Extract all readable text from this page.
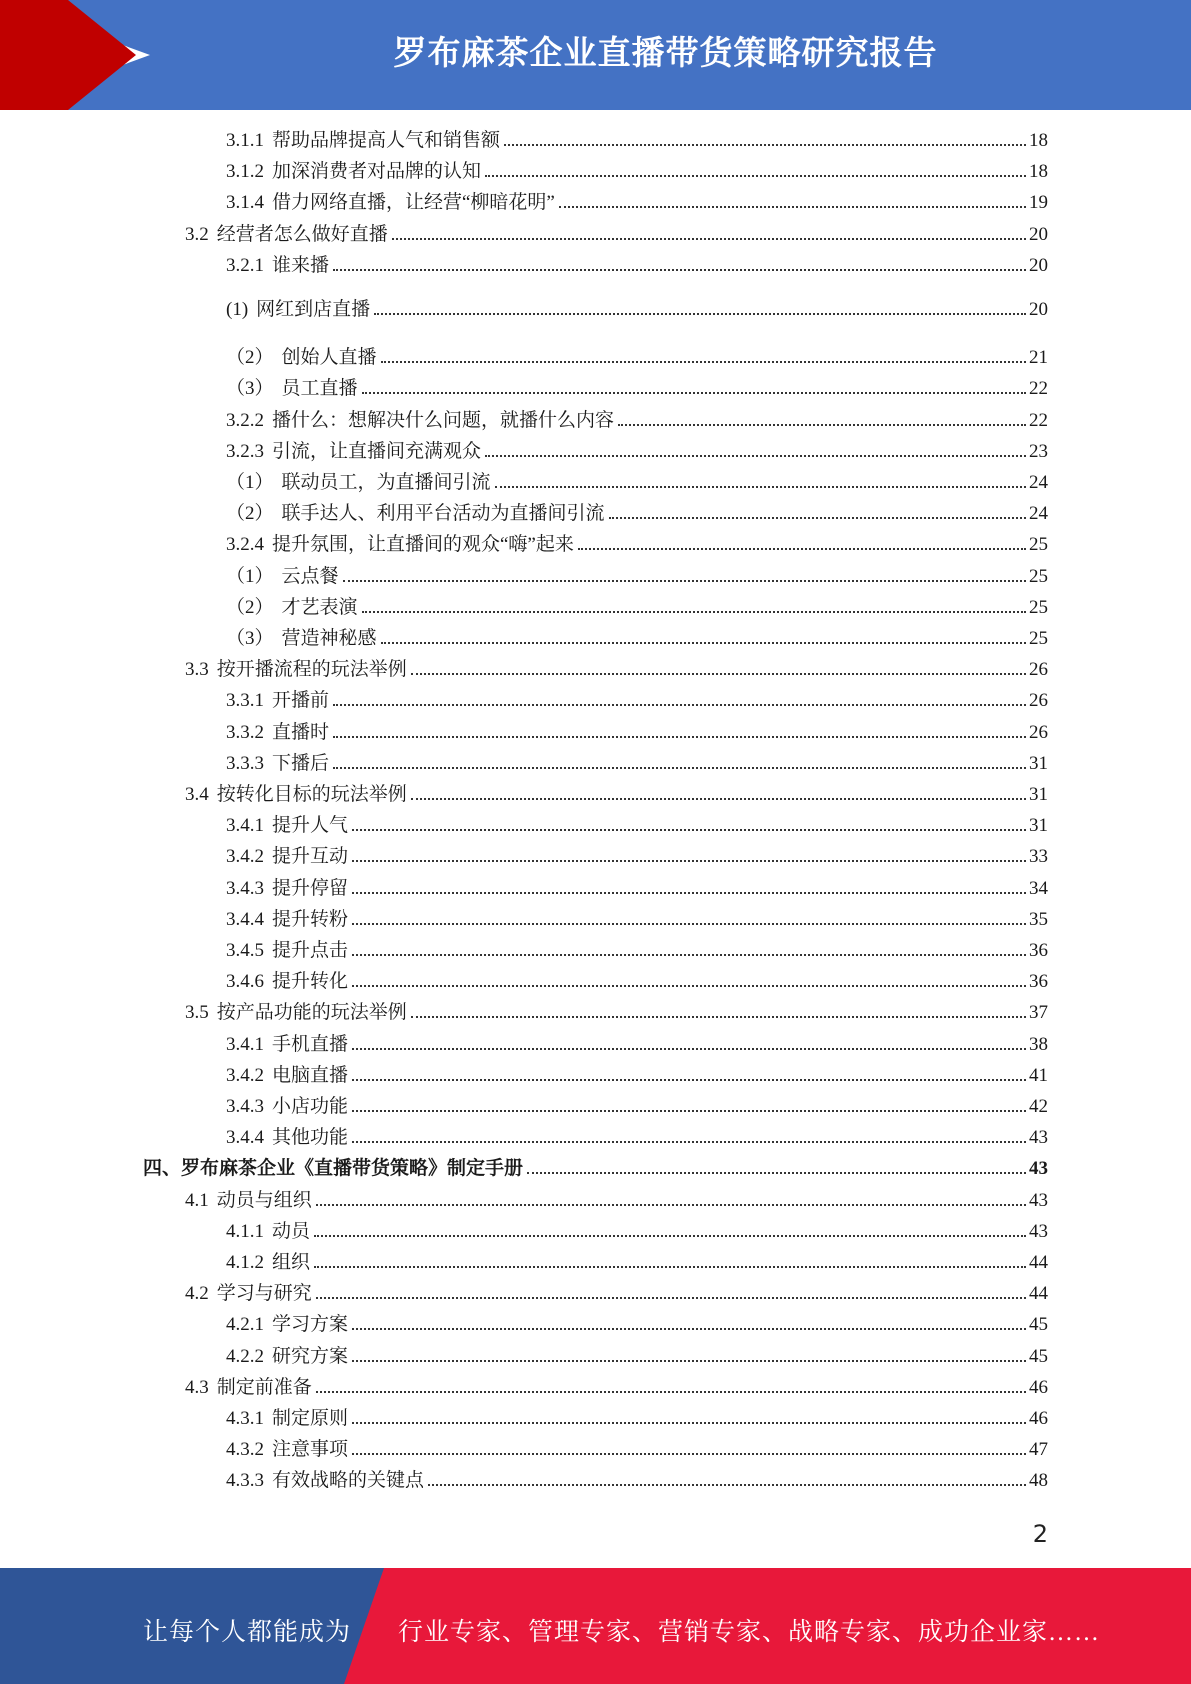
罗布麻茶企业直播带货策略研究报告
3.1.1 帮助品牌提高人气和销售额	18
3.1.2 加深消费者对品牌的认知	18
3.1.4 借力网络直播，让经营“柳暗花明”	19
3.2 经营者怎么做好直播	20
3.2.1 谁来播	20
(1) 网红到店直播	20
（2） 创始人直播	21
（3） 员工直播	22
3.2.2 播什么：想解决什么问题，就播什么内容	22
3.2.3 引流，让直播间充满观众	23
（1） 联动员工，为直播间引流	24
（2） 联手达人、利用平台活动为直播间引流	24
3.2.4 提升氛围，让直播间的观众“嗨”起来	25
（1） 云点餐	25
（2） 才艺表演	25
（3） 营造神秘感	25
3.3 按开播流程的玩法举例	26
3.3.1 开播前	26
3.3.2 直播时	26
3.3.3 下播后	31
3.4 按转化目标的玩法举例	31
3.4.1 提升人气	31
3.4.2 提升互动	33
3.4.3 提升停留	34
3.4.4 提升转粉	35
3.4.5 提升点击	36
3.4.6 提升转化	36
3.5 按产品功能的玩法举例	37
3.4.1 手机直播	38
3.4.2 电脑直播	41
3.4.3 小店功能	42
3.4.4 其他功能	43
四、 罗布麻茶企业《直播带货策略》制定手册	43
4.1 动员与组织	43
4.1.1 动员	43
4.1.2 组织	44
4.2 学习与研究	44
4.2.1 学习方案	45
4.2.2 研究方案	45
4.3 制定前准备	46
4.3.1 制定原则	46
4.3.2 注意事项	47
4.3.3 有效战略的关键点	48
2
让每个人都能成为 行业专家、管理专家、营销专家、战略专家、成功企业家……
